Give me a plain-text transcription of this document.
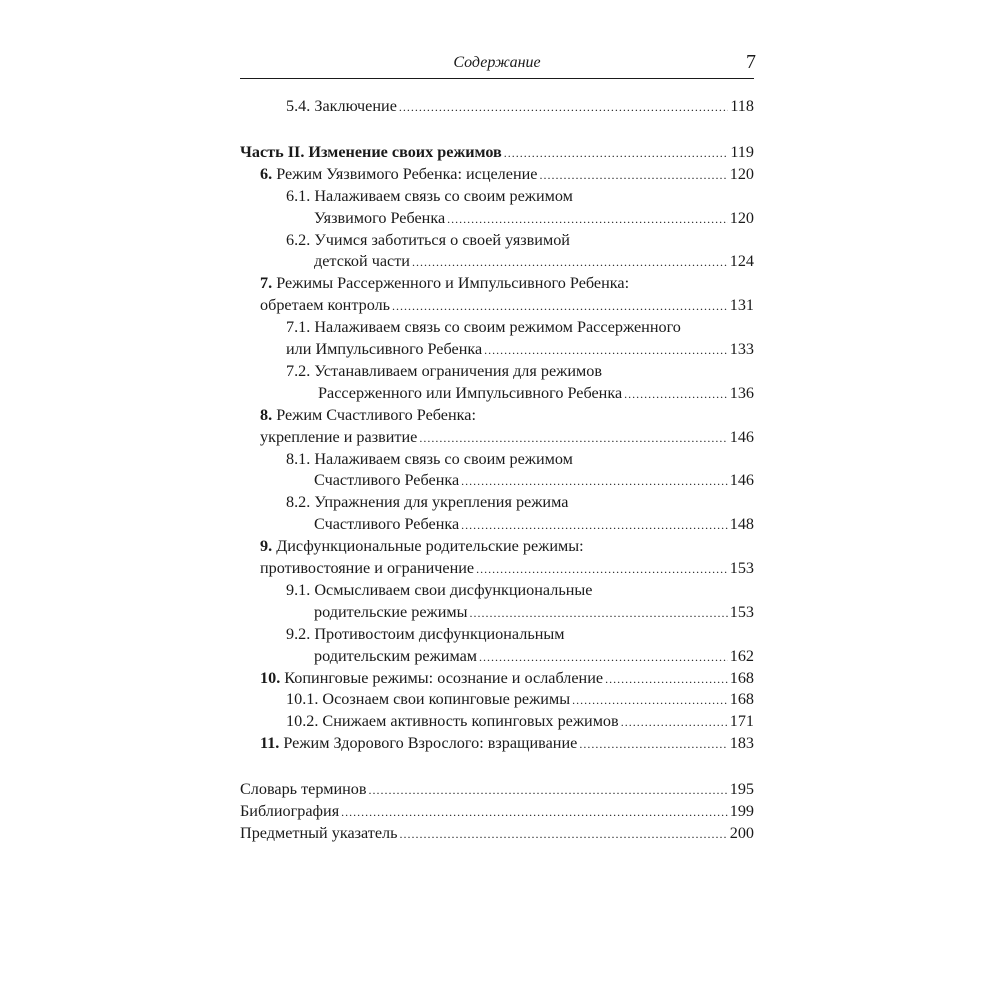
Содержание	7
5.4. Заключение .....	118
Часть II. Изменение своих режимов .....	119
6. Режим Уязвимого Ребенка: исцеление .....	120
6.1. Налаживаем связь со своим режимом
Уязвимого Ребенка .....	120
6.2. Учимся заботиться о своей уязвимой
детской части .....	124
7. Режимы Рассерженного и Импульсивного Ребенка:
обретаем контроль .....	131
7.1. Налаживаем связь со своим режимом Рассерженного
или Импульсивного Ребенка .....	133
7.2. Устанавливаем ограничения для режимов
Рассерженного или Импульсивного Ребенка .....	136
8. Режим Счастливого Ребенка:
укрепление и развитие .....	146
8.1. Налаживаем связь со своим режимом
Счастливого Ребенка .....	146
8.2. Упражнения для укрепления режима
Счастливого Ребенка .....	148
9. Дисфункциональные родительские режимы:
противостояние и ограничение .....	153
9.1. Осмысливаем свои дисфункциональные
родительские режимы .....	153
9.2. Противостоим дисфункциональным
родительским режимам .....	162
10. Копинговые режимы: осознание и ослабление .....	168
10.1. Осознаем свои копинговые режимы .....	168
10.2. Снижаем активность копинговых режимов .....	171
11. Режим Здорового Взрослого: взращивание .....	183
Словарь терминов .....	195
Библиография .....	199
Предметный указатель .....	200
